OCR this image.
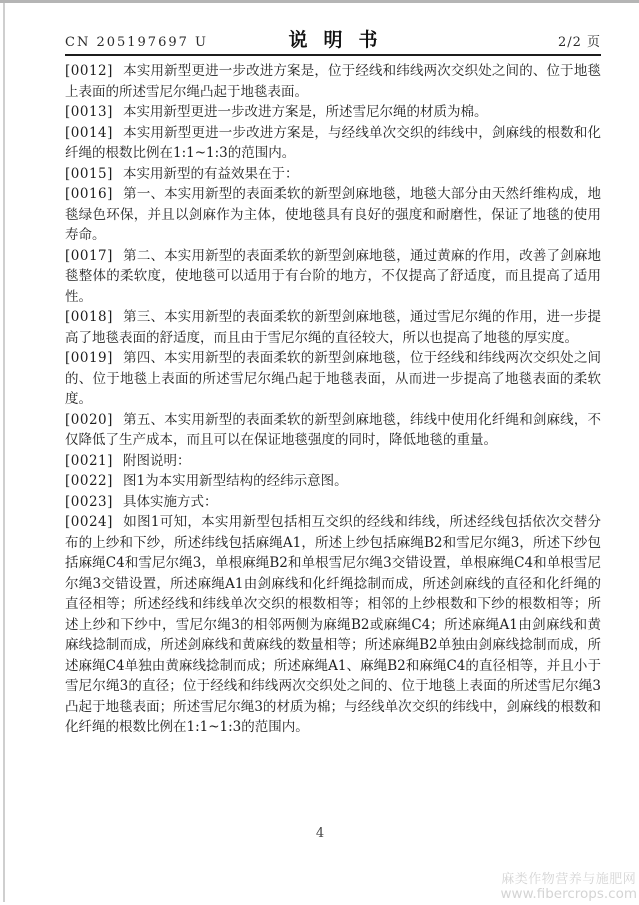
CN 205197697 U	说明书	2/2 页

[0012] 本实用新型更进一步改进方案是，位于经线和纬线两次交织处之间的、位于地毯上表面的所述雪尼尔绳凸起于地毯表面。

[0013] 本实用新型更进一步改进方案是，所述雪尼尔绳的材质为棉。

[0014] 本实用新型更进一步改进方案是，与经线单次交织的纬线中，剑麻线的根数和化纤绳的根数比例在1:1~1:3的范围内。

[0015] 本实用新型的有益效果在于：

[0016] 第一、本实用新型的表面柔软的新型剑麻地毯，地毯大部分由天然纤维构成，地毯绿色环保，并且以剑麻作为主体，使地毯具有良好的强度和耐磨性，保证了地毯的使用寿命。

[0017] 第二、本实用新型的表面柔软的新型剑麻地毯，通过黄麻的作用，改善了剑麻地毯整体的柔软度，使地毯可以适用于有台阶的地方，不仅提高了舒适度，而且提高了适用性。

[0018] 第三、本实用新型的表面柔软的新型剑麻地毯，通过雪尼尔绳的作用，进一步提高了地毯表面的舒适度，而且由于雪尼尔绳的直径较大，所以也提高了地毯的厚实度。

[0019] 第四、本实用新型的表面柔软的新型剑麻地毯，位于经线和纬线两次交织处之间的、位于地毯上表面的所述雪尼尔绳凸起于地毯表面，从而进一步提高了地毯表面的柔软度。

[0020] 第五、本实用新型的表面柔软的新型剑麻地毯，纬线中使用化纤绳和剑麻线，不仅降低了生产成本，而且可以在保证地毯强度的同时，降低地毯的重量。

[0021] 附图说明：

[0022] 图1为本实用新型结构的经纬示意图。

[0023] 具体实施方式：

[0024] 如图1可知，本实用新型包括相互交织的经线和纬线，所述经线包括依次交替分布的上纱和下纱，所述纬线包括麻绳A1，所述上纱包括麻绳B2和雪尼尔绳3，所述下纱包括麻绳C4和雪尼尔绳3，单根麻绳B2和单根雪尼尔绳3交错设置，单根麻绳C4和单根雪尼尔绳3交错设置，所述麻绳A1由剑麻线和化纤绳捻制而成，所述剑麻线的直径和化纤绳的直径相等；所述经线和纬线单次交织的根数相等；相邻的上纱根数和下纱的根数相等；所述上纱和下纱中，雪尼尔绳3的相邻两侧为麻绳B2或麻绳C4；所述麻绳A1由剑麻线和黄麻线捻制而成，所述剑麻线和黄麻线的数量相等；所述麻绳B2单独由剑麻线捻制而成，所述麻绳C4单独由黄麻线捻制而成；所述麻绳A1、麻绳B2和麻绳C4的直径相等，并且小于雪尼尔绳3的直径；位于经线和纬线两次交织处之间的、位于地毯上表面的所述雪尼尔绳3凸起于地毯表面；所述雪尼尔绳3的材质为棉；与经线单次交织的纬线中，剑麻线的根数和化纤绳的根数比例在1:1~1:3的范围内。

4
麻类作物营养与施肥网
www.fibercrops.com
